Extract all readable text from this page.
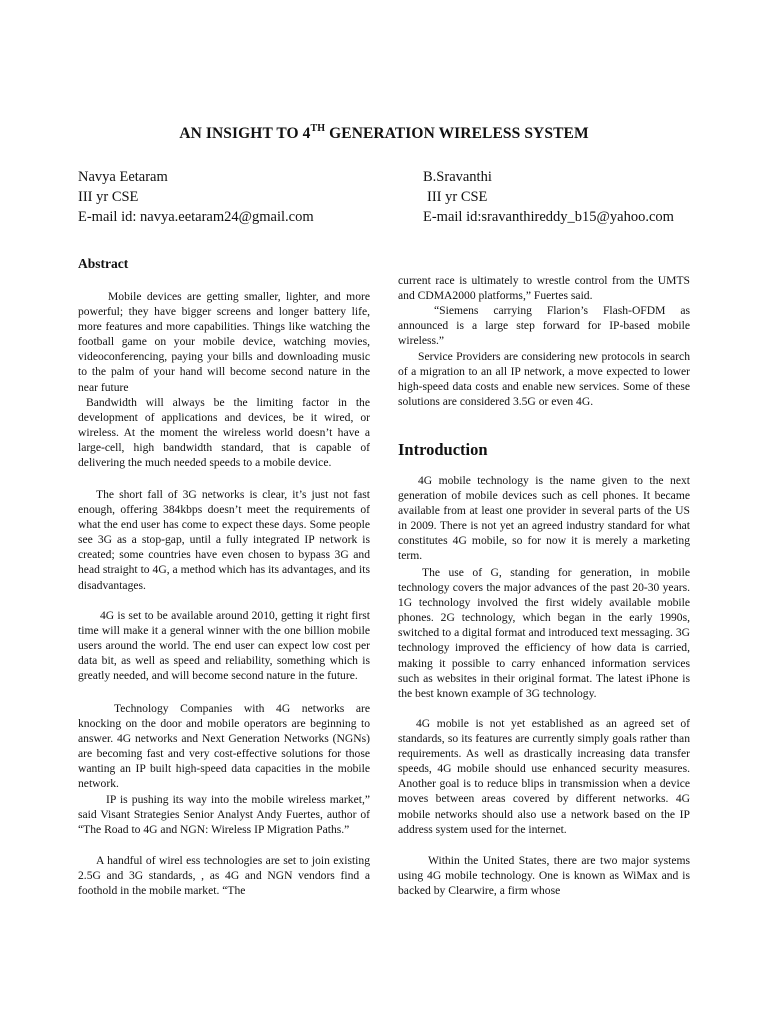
AN INSIGHT TO 4TH GENERATION WIRELESS SYSTEM
Navya Eetaram
III yr CSE
E-mail id: navya.eetaram24@gmail.com
B.Sravanthi
III yr CSE
E-mail id:sravanthireddy_b15@yahoo.com
Abstract

Mobile devices are getting smaller, lighter, and more powerful; they have bigger screens and longer battery life, more features and more capabilities. Things like watching the football game on your mobile device, watching movies, videoconferencing, paying your bills and downloading music to the palm of your hand will become second nature in the near future

Bandwidth will always be the limiting factor in the development of applications and devices, be it wired, or wireless. At the moment the wireless world doesn’t have a large-cell, high bandwidth standard, that is capable of delivering the much needed speeds to a mobile device.

The short fall of 3G networks is clear, it’s just not fast enough, offering 384kbps doesn’t meet the requirements of what the end user has come to expect these days. Some people see 3G as a stop-gap, until a fully integrated IP network is created; some countries have even chosen to bypass 3G and head straight to 4G, a method which has its advantages, and its disadvantages.

4G is set to be available around 2010, getting it right first time will make it a general winner with the one billion mobile users around the world. The end user can expect low cost per data bit, as well as speed and reliability, something which is greatly needed, and will become second nature in the future.

Technology Companies with 4G networks are knocking on the door and mobile operators are beginning to answer. 4G networks and Next Generation Networks (NGNs) are becoming fast and very cost-effective solutions for those wanting an IP built high-speed data capacities in the mobile network.

IP is pushing its way into the mobile wireless market,” said Visant Strategies Senior Analyst Andy Fuertes, author of “The Road to 4G and NGN: Wireless IP Migration Paths.”

A handful of wirel ess technologies are set to join existing 2.5G and 3G standards, , as 4G and NGN vendors find a foothold in the mobile market. “The

current race is ultimately to wrestle control from the UMTS and CDMA2000 platforms,” Fuertes said.

“Siemens carrying Flarion’s Flash-OFDM as announced is a large step forward for IP-based mobile wireless.”

Service Providers are considering new protocols in search of a migration to an all IP network, a move expected to lower high-speed data costs and enable new services. Some of these solutions are considered 3.5G or even 4G.

Introduction

4G mobile technology is the name given to the next generation of mobile devices such as cell phones. It became available from at least one provider in several parts of the US in 2009. There is not yet an agreed industry standard for what constitutes 4G mobile, so for now it is merely a marketing term.

The use of G, standing for generation, in mobile technology covers the major advances of the past 20-30 years. 1G technology involved the first widely available mobile phones. 2G technology, which began in the early 1990s, switched to a digital format and introduced text messaging. 3G technology improved the efficiency of how data is carried, making it possible to carry enhanced information services such as websites in their original format. The latest iPhone is the best known example of 3G technology.

4G mobile is not yet established as an agreed set of standards, so its features are currently simply goals rather than requirements. As well as drastically increasing data transfer speeds, 4G mobile should use enhanced security measures. Another goal is to reduce blips in transmission when a device moves between areas covered by different networks. 4G mobile networks should also use a network based on the IP address system used for the internet.

Within the United States, there are two major systems using 4G mobile technology. One is known as WiMax and is backed by Clearwire, a firm whose
